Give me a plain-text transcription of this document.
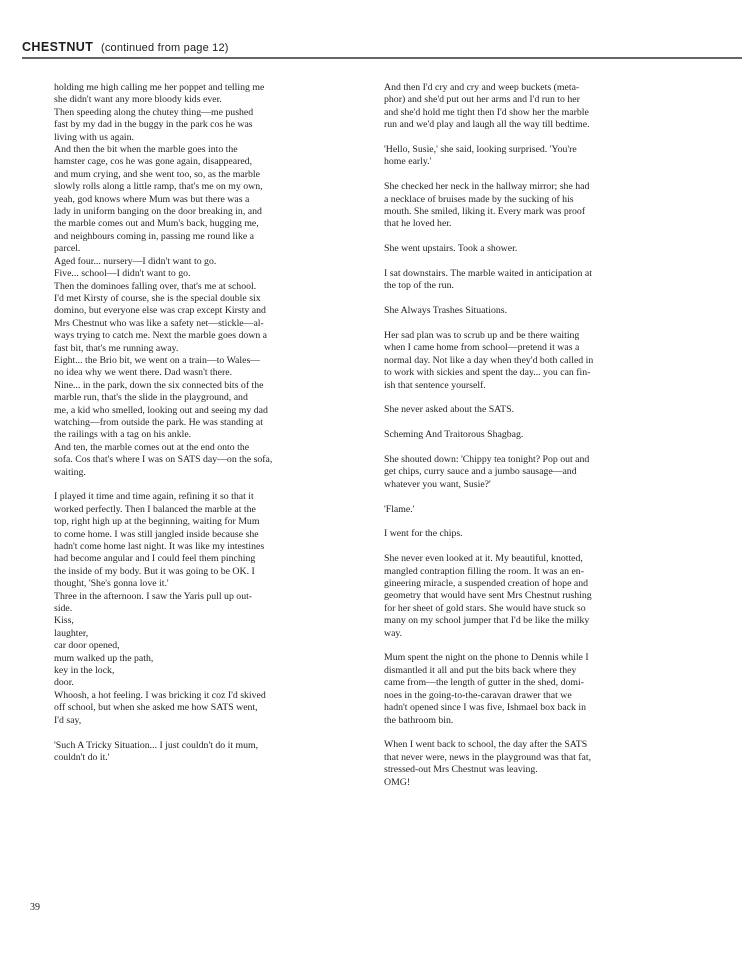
CHESTNUT (continued from page 12)
holding me high calling me her poppet and telling me
she didn't want any more bloody kids ever.
Then speeding along the chutey thing—me pushed
fast by my dad in the buggy in the park cos he was
living with us again.
And then the bit when the marble goes into the
hamster cage, cos he was gone again, disappeared,
and mum crying, and she went too, so, as the marble
slowly rolls along a little ramp, that's me on my own,
yeah, god knows where Mum was but there was a
lady in uniform banging on the door breaking in, and
the marble comes out and Mum's back, hugging me,
and neighbours coming in, passing me round like a
parcel.
Aged four... nursery—I didn't want to go.
Five... school—I didn't want to go.
Then the dominoes falling over, that's me at school.
I'd met Kirsty of course, she is the special double six
domino, but everyone else was crap except Kirsty and
Mrs Chestnut who was like a safety net—stickle—al-
ways trying to catch me. Next the marble goes down a
fast bit, that's me running away.
Eight... the Brio bit, we went on a train—to Wales—
no idea why we went there. Dad wasn't there.
Nine... in the park, down the six connected bits of the
marble run, that's the slide in the playground, and
me, a kid who smelled, looking out and seeing my dad
watching—from outside the park. He was standing at
the railings with a tag on his ankle.
And ten, the marble comes out at the end onto the
sofa. Cos that's where I was on SATS day—on the sofa,
waiting.
I played it time and time again, refining it so that it
worked perfectly. Then I balanced the marble at the
top, right high up at the beginning, waiting for Mum
to come home. I was still jangled inside because she
hadn't come home last night. It was like my intestines
had become angular and I could feel them pinching
the inside of my body. But it was going to be OK. I
thought, 'She's gonna love it.'
Three in the afternoon. I saw the Yaris pull up out-
side.
Kiss,
laughter,
car door opened,
mum walked up the path,
key in the lock,
door.
Whoosh, a hot feeling. I was bricking it coz I'd skived
off school, but when she asked me how SATS went,
I'd say,
'Such A Tricky Situation... I just couldn't do it mum,
couldn't do it.'
And then I'd cry and cry and weep buckets (meta-
phor) and she'd put out her arms and I'd run to her
and she'd hold me tight then I'd show her the marble
run and we'd play and laugh all the way till bedtime.
'Hello, Susie,' she said, looking surprised. 'You're
home early.'
She checked her neck in the hallway mirror; she had
a necklace of bruises made by the sucking of his
mouth. She smiled, liking it. Every mark was proof
that he loved her.
She went upstairs. Took a shower.
I sat downstairs. The marble waited in anticipation at
the top of the run.
She Always Trashes Situations.
Her sad plan was to scrub up and be there waiting
when I came home from school—pretend it was a
normal day. Not like a day when they'd both called in
to work with sickies and spent the day... you can fin-
ish that sentence yourself.
She never asked about the SATS.
Scheming And Traitorous Shagbag.
She shouted down: 'Chippy tea tonight? Pop out and
get chips, curry sauce and a jumbo sausage—and
whatever you want, Susie?'
'Flame.'
I went for the chips.
She never even looked at it. My beautiful, knotted,
mangled contraption filling the room. It was an en-
gineering miracle, a suspended creation of hope and
geometry that would have sent Mrs Chestnut rushing
for her sheet of gold stars. She would have stuck so
many on my school jumper that I'd be like the milky
way.
Mum spent the night on the phone to Dennis while I
dismantled it all and put the bits back where they
came from—the length of gutter in the shed, domi-
noes in the going-to-the-caravan drawer that we
hadn't opened since I was five, Ishmael box back in
the bathroom bin.
When I went back to school, the day after the SATS
that never were, news in the playground was that fat,
stressed-out Mrs Chestnut was leaving.
OMG!
39
